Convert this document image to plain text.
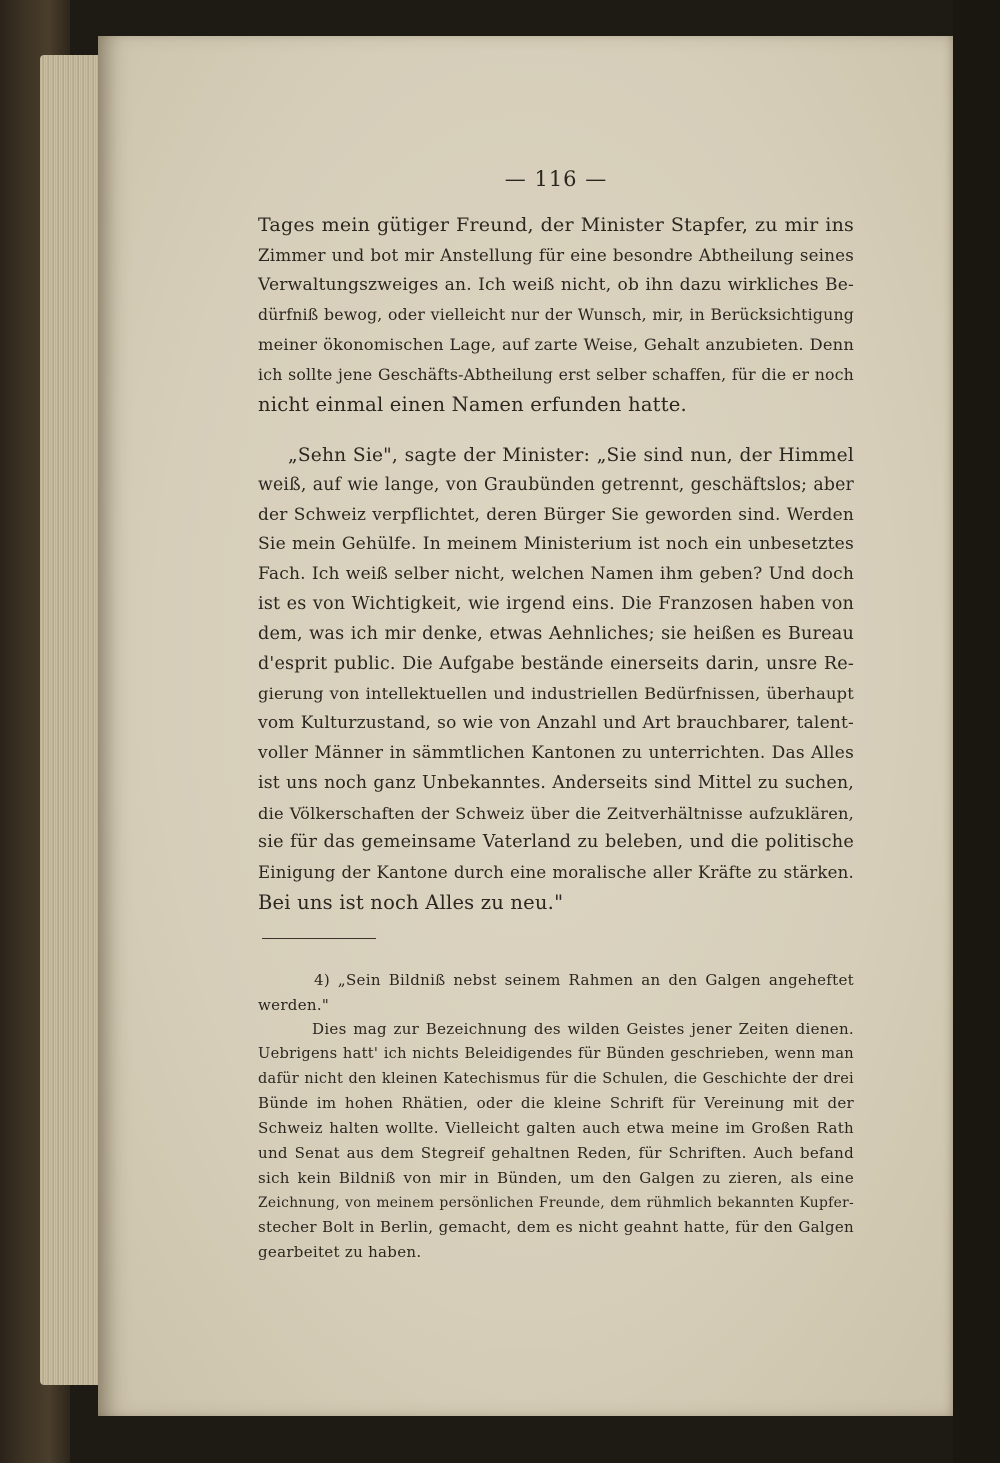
— 116 —
Tages mein gütiger Freund, der Minister Stapfer, zu mir ins
Zimmer und bot mir Anstellung für eine besondre Abtheilung seines
Verwaltungszweiges an. Ich weiß nicht, ob ihn dazu wirkliches Be-
dürfniß bewog, oder vielleicht nur der Wunsch, mir, in Berücksichtigung
meiner ökonomischen Lage, auf zarte Weise, Gehalt anzubieten. Denn
ich sollte jene Geschäfts-Abtheilung erst selber schaffen, für die er noch
nicht einmal einen Namen erfunden hatte.
„Sehn Sie", sagte der Minister: „Sie sind nun, der Himmel
weiß, auf wie lange, von Graubünden getrennt, geschäftslos; aber
der Schweiz verpflichtet, deren Bürger Sie geworden sind. Werden
Sie mein Gehülfe. In meinem Ministerium ist noch ein unbesetztes
Fach. Ich weiß selber nicht, welchen Namen ihm geben? Und doch
ist es von Wichtigkeit, wie irgend eins. Die Franzosen haben von
dem, was ich mir denke, etwas Aehnliches; sie heißen es Bureau
d'esprit public. Die Aufgabe bestände einerseits darin, unsre Re-
gierung von intellektuellen und industriellen Bedürfnissen, überhaupt
vom Kulturzustand, so wie von Anzahl und Art brauchbarer, talent-
voller Männer in sämmtlichen Kantonen zu unterrichten. Das Alles
ist uns noch ganz Unbekanntes. Anderseits sind Mittel zu suchen,
die Völkerschaften der Schweiz über die Zeitverhältnisse aufzuklären,
sie für das gemeinsame Vaterland zu beleben, und die politische
Einigung der Kantone durch eine moralische aller Kräfte zu stärken.
Bei uns ist noch Alles zu neu."
4) „Sein Bildniß nebst seinem Rahmen an den Galgen angeheftet
werden."
Dies mag zur Bezeichnung des wilden Geistes jener Zeiten dienen.
Uebrigens hatt' ich nichts Beleidigendes für Bünden geschrieben, wenn man
dafür nicht den kleinen Katechismus für die Schulen, die Geschichte der drei
Bünde im hohen Rhätien, oder die kleine Schrift für Vereinung mit der
Schweiz halten wollte. Vielleicht galten auch etwa meine im Großen Rath
und Senat aus dem Stegreif gehaltnen Reden, für Schriften. Auch befand
sich kein Bildniß von mir in Bünden, um den Galgen zu zieren, als eine
Zeichnung, von meinem persönlichen Freunde, dem rühmlich bekannten Kupfer-
stecher Bolt in Berlin, gemacht, dem es nicht geahnt hatte, für den Galgen
gearbeitet zu haben.
